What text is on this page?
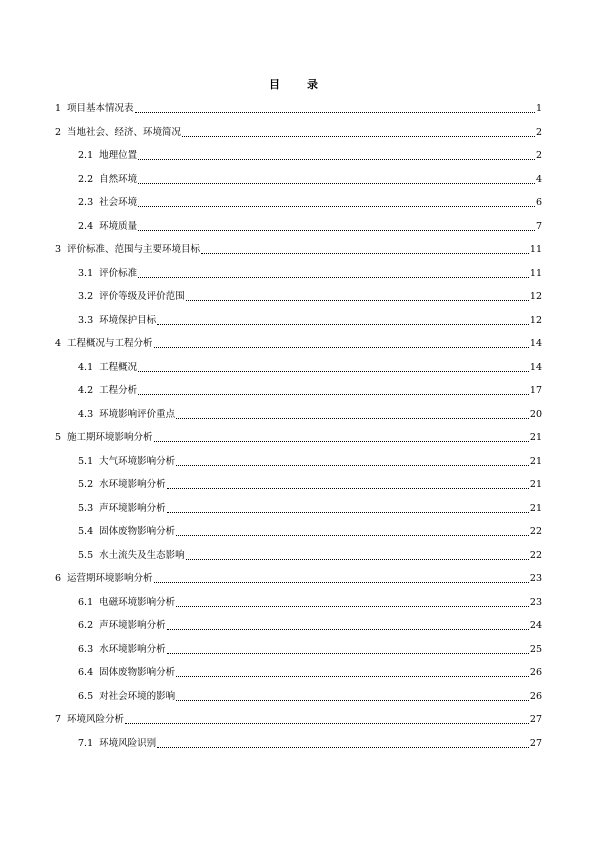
目　录
1 项目基本情况表	1
2 当地社会、经济、环境简况	2
2.1 地理位置	2
2.2 自然环境	4
2.3 社会环境	6
2.4 环境质量	7
3 评价标准、范围与主要环境目标	11
3.1 评价标准	11
3.2 评价等级及评价范围	12
3.3 环境保护目标	12
4 工程概况与工程分析	14
4.1 工程概况	14
4.2 工程分析	17
4.3 环境影响评价重点	20
5 施工期环境影响分析	21
5.1 大气环境影响分析	21
5.2 水环境影响分析	21
5.3 声环境影响分析	21
5.4 固体废物影响分析	22
5.5 水土流失及生态影响	22
6 运营期环境影响分析	23
6.1 电磁环境影响分析	23
6.2 声环境影响分析	24
6.3 水环境影响分析	25
6.4 固体废物影响分析	26
6.5 对社会环境的影响	26
7 环境风险分析	27
7.1 环境风险识别	27
